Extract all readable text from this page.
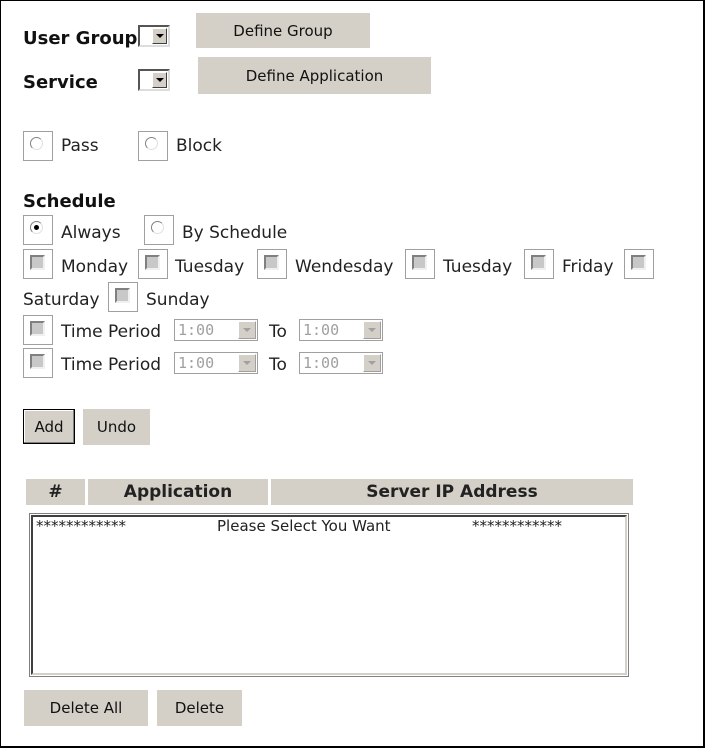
User Group	Define Group
Service	Define Application
Pass	Block
Schedule
Always	By Schedule
Monday	Tuesday	Wendesday	Tuesday	Friday
Saturday	Sunday
Time Period 1:00	To 1:00
Time Period 1:00	To 1:00
Add	Undo
#	Application	Server IP Address
************	Please Select You Want	************
Delete All	Delete
